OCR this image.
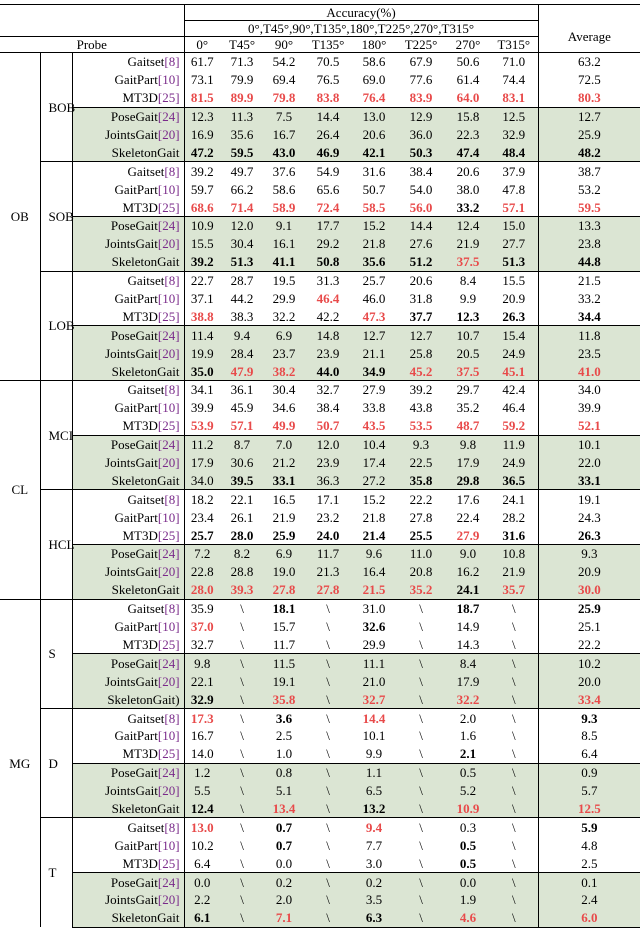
			Accuracy(%)								
			0°,T45°,90°,T135°,180°,T225°,270°,T315°								Average
Probe			0°	T45°	90°	T135°	180°	T225°	270°	T315°	
OB	BOB	Gaitset[8]	61.7	71.3	54.2	70.5	58.6	67.9	50.6	71.0	63.2
		GaitPart[10]	73.1	79.9	69.4	76.5	69.0	77.6	61.4	74.4	72.5
		MT3D[25]	81.5	89.9	79.8	83.8	76.4	83.9	64.0	83.1	80.3
		PoseGait[24]	12.3	11.3	7.5	14.4	13.0	12.9	15.8	12.5	12.7
		JointsGait[20]	16.9	35.6	16.7	26.4	20.6	36.0	22.3	32.9	25.9
		SkeletonGait	47.2	59.5	43.0	46.9	42.1	50.3	47.4	48.4	48.2
	SOB	Gaitset[8]	39.2	49.7	37.6	54.9	31.6	38.4	20.6	37.9	38.7
		GaitPart[10]	59.7	66.2	58.6	65.6	50.7	54.0	38.0	47.8	53.2
		MT3D[25]	68.6	71.4	58.9	72.4	58.5	56.0	33.2	57.1	59.5
		PoseGait[24]	10.9	12.0	9.1	17.7	15.2	14.4	12.4	15.0	13.3
		JointsGait[20]	15.5	30.4	16.1	29.2	21.8	27.6	21.9	27.7	23.8
		SkeletonGait	39.2	51.3	41.1	50.8	35.6	51.2	37.5	51.3	44.8
	LOB	Gaitset[8]	22.7	28.7	19.5	31.3	25.7	20.6	8.4	15.5	21.5
		GaitPart[10]	37.1	44.2	29.9	46.4	46.0	31.8	9.9	20.9	33.2
		MT3D[25]	38.8	38.3	32.2	42.2	47.3	37.7	12.3	26.3	34.4
		PoseGait[24]	11.4	9.4	6.9	14.8	12.7	12.7	10.7	15.4	11.8
		JointsGait[20]	19.9	28.4	23.7	23.9	21.1	25.8	20.5	24.9	23.5
		SkeletonGait	35.0	47.9	38.2	44.0	34.9	45.2	37.5	45.1	41.0
CL	MCI	Gaitset[8]	34.1	36.1	30.4	32.7	27.9	39.2	29.7	42.4	34.0
		GaitPart[10]	39.9	45.9	34.6	38.4	33.8	43.8	35.2	46.4	39.9
		MT3D[25]	53.9	57.1	49.9	50.7	43.5	53.5	48.7	59.2	52.1
		PoseGait[24]	11.2	8.7	7.0	12.0	10.4	9.3	9.8	11.9	10.1
		JointsGait[20]	17.9	30.6	21.2	23.9	17.4	22.5	17.9	24.9	22.0
		SkeletonGait	34.0	39.5	33.1	36.3	27.2	35.8	29.8	36.5	33.1
	HCL	Gaitset[8]	18.2	22.1	16.5	17.1	15.2	22.2	17.6	24.1	19.1
		GaitPart[10]	23.4	26.1	21.9	23.2	21.8	27.8	22.4	28.2	24.3
		MT3D[25]	25.7	28.0	25.9	24.0	21.4	25.5	27.9	31.6	26.3
		PoseGait[24]	7.2	8.2	6.9	11.7	9.6	11.0	9.0	10.8	9.3
		JointsGait[20]	22.8	28.8	19.0	21.3	16.4	20.8	16.2	21.9	20.9
		SkeletonGait	28.0	39.3	27.8	27.8	21.5	35.2	24.1	35.7	30.0
MG	S	Gaitset[8]	35.9	\	18.1	\	31.0	\	18.7	\	25.9
		GaitPart[10]	37.0	\	15.7	\	32.6	\	14.9	\	25.1
		MT3D[25]	32.7	\	11.7	\	29.9	\	14.3	\	22.2
		PoseGait[24]	9.8	\	11.5	\	11.1	\	8.4	\	10.2
		JointsGait[20]	22.1	\	19.1	\	21.0	\	17.9	\	20.0
		SkeletonGait)	32.9	\	35.8	\	32.7	\	32.2	\	33.4
	D	Gaitset[8]	17.3	\	3.6	\	14.4	\	2.0	\	9.3
		GaitPart[10]	16.7	\	2.5	\	10.1	\	1.6	\	8.5
		MT3D[25]	14.0	\	1.0	\	9.9	\	2.1	\	6.4
		PoseGait[24]	1.2	\	0.8	\	1.1	\	0.5	\	0.9
		JointsGait[20]	5.5	\	5.1	\	6.5	\	5.2	\	5.7
		SkeletonGait	12.4	\	13.4	\	13.2	\	10.9	\	12.5
	T	Gaitset[8]	13.0	\	0.7	\	9.4	\	0.3	\	5.9
		GaitPart[10]	10.2	\	0.7	\	7.7	\	0.5	\	4.8
		MT3D[25]	6.4	\	0.0	\	3.0	\	0.5	\	2.5
		PoseGait[24]	0.0	\	0.2	\	0.2	\	0.0	\	0.1
		JointsGait[20]	2.2	\	2.0	\	3.5	\	1.9	\	2.4
		SkeletonGait	6.1	\	7.1	\	6.3	\	4.6	\	6.0
